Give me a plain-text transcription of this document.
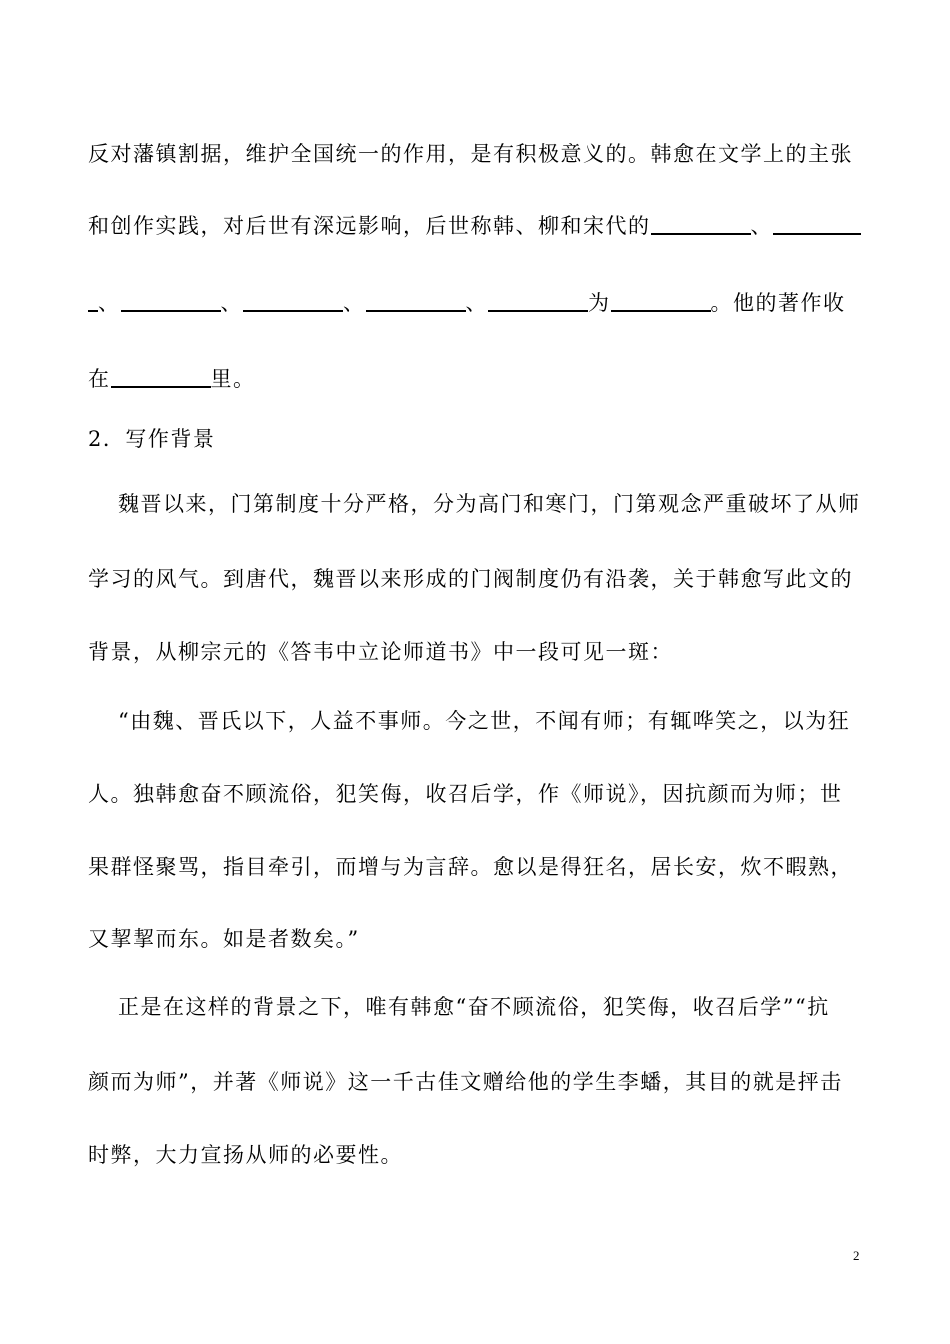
反对藩镇割据，维护全国统一的作用，是有积极意义的。韩愈在文学上的主张
和创作实践，对后世有深远影响，后世称韩、柳和宋代的	、
、	、	、	、	为	。他的著作收
在	里。
2．写作背景
魏晋以来，门第制度十分严格，分为高门和寒门，门第观念严重破坏了从师
学习的风气。到唐代，魏晋以来形成的门阀制度仍有沿袭，关于韩愈写此文的
背景，从柳宗元的《答韦中立论师道书》中一段可见一斑：
“由魏、晋氏以下，人益不事师。今之世，不闻有师；有辄哗笑之，以为狂
人。独韩愈奋不顾流俗，犯笑侮，收召后学，作《师说》，因抗颜而为师；世
果群怪聚骂，指目牵引，而增与为言辞。愈以是得狂名，居长安，炊不暇熟，
又挈挈而东。如是者数矣。”
正是在这样的背景之下，唯有韩愈“奋不顾流俗，犯笑侮，收召后学”“抗
颜而为师”，并著《师说》这一千古佳文赠给他的学生李蟠，其目的就是抨击
时弊，大力宣扬从师的必要性。
2
